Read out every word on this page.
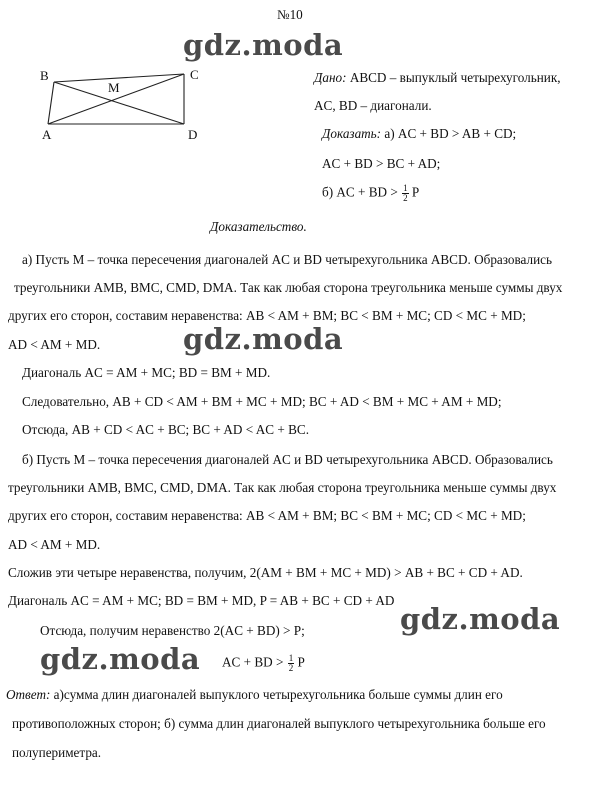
№10
gdz.moda
gdz.moda
gdz.moda
gdz.moda
B	C
A	D
M
Дано: ABCD – выпуклый четырехугольник,
AC, BD – диагонали.
Доказать: а) AC + BD > AB + CD;
AC + BD > BC + AD;
б) AC + BD > $\frac{1}{2}$ P
Доказательство.
а) Пусть M – точка пересечения диагоналей AC и BD четырехугольника ABCD. Образовались
треугольники AMB, BMC, CMD, DMA. Так как любая сторона треугольника меньше суммы двух
других его сторон, составим неравенства: AB < AM + BM; BC < BM + MC; CD < MC + MD;
AD < AM + MD.
Диагональ AC = AM + MC; BD = BM + MD.
Следовательно, AB + CD < AM + BM + MC + MD; BC + AD < BM + MC + AM + MD;
Отсюда, AB + CD < AC + BC; BC + AD < AC + BC.
б) Пусть M – точка пересечения диагоналей AC и BD четырехугольника ABCD. Образовались
треугольники AMB, BMC, CMD, DMA. Так как любая сторона треугольника меньше суммы двух
других его сторон, составим неравенства: AB < AM + BM; BC < BM + MC; CD < MC + MD;
AD < AM + MD.
Сложив эти четыре неравенства, получим, 2(AM + BM + MC + MD) > AB + BC + CD + AD.
Диагональ AC = AM + MC; BD = BM + MD, P = AB + BC + CD + AD
Отсюда, получим неравенство 2(AC + BD) > P;
AC + BD > $\frac{1}{2}$ P
Ответ: а)сумма длин диагоналей выпуклого четырехугольника больше суммы длин его
противоположных сторон; б) сумма длин диагоналей выпуклого четырехугольника больше его
полупериметра.
